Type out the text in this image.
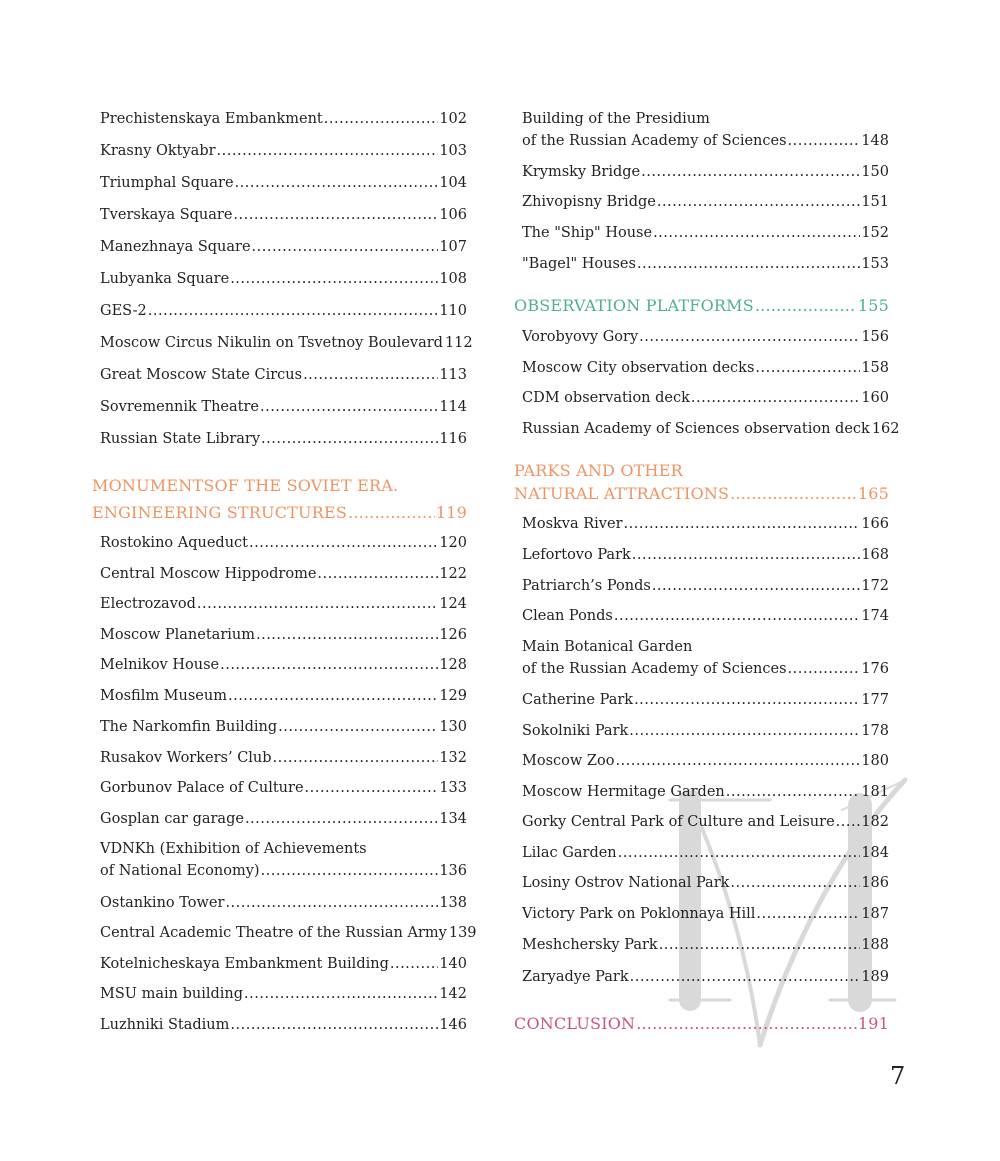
Prechistenskaya Embankment .....	102
Krasny Oktyabr .....	103
Triumphal Square .....	104
Tverskaya Square .....	106
Manezhnaya Square .....	107
Lubyanka Square .....	108
GES-2 .....	110
Moscow Circus Nikulin on Tsvetnoy Boulevard 112
Great Moscow State Circus .....	113
Sovremennik Theatre .....	114
Russian State Library .....	116
MONUMENTSOF THE SOVIET ERA.
ENGINEERING STRUCTURES .....	119
Rostokino Aqueduct .....	120
Central Moscow Hippodrome .....	122
Electrozavod .....	124
Moscow Planetarium .....	126
Melnikov House .....	128
Mosfilm Museum .....	129
The Narkomfin Building .....	130
Rusakov Workers’ Club .....	132
Gorbunov Palace of Culture .....	133
Gosplan car garage .....	134
VDNKh (Exhibition of Achievements
of National Economy) .....	136
Ostankino Tower .....	138
Central Academic Theatre of the Russian Army 139
Kotelnicheskaya Embankment Building .....	140
MSU main building .....	142
Luzhniki Stadium .....	146
Building of the Presidium
of the Russian Academy of Sciences .....	148
Krymsky Bridge .....	150
Zhivopisny Bridge .....	151
The "Ship" House .....	152
"Bagel" Houses .....	153
OBSERVATION PLATFORMS .....	155
Vorobyovy Gory .....	156
Moscow City observation decks .....	158
CDM observation deck .....	160
Russian Academy of Sciences observation deck 162
PARKS AND OTHER
NATURAL ATTRACTIONS .....	165
Moskva River .....	166
Lefortovo Park .....	168
Patriarch’s Ponds .....	172
Clean Ponds .....	174
Main Botanical Garden
of the Russian Academy of Sciences .....	176
Catherine Park .....	177
Sokolniki Park .....	178
Moscow Zoo .....	180
Moscow Hermitage Garden .....	181
Gorky Central Park of Culture and Leisure ..... 182
Lilac Garden .....	184
Losiny Ostrov National Park .....	186
Victory Park on Poklonnaya Hill .....	187
Meshchersky Park .....	188
Zaryadye Park .....	189
CONCLUSION .....	191
7
